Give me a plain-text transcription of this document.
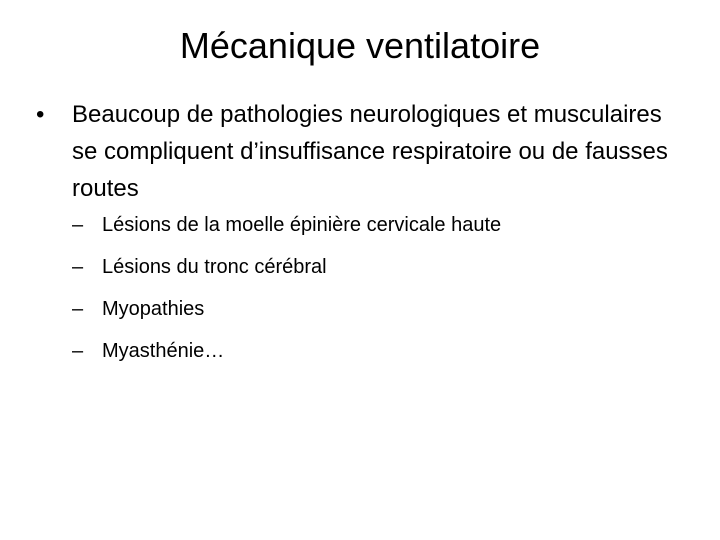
Mécanique ventilatoire
•	Beaucoup de pathologies neurologiques et musculaires se compliquent d’insuffisance respiratoire ou de fausses routes
– Lésions de la moelle épinière cervicale haute
– Lésions du tronc cérébral
– Myopathies
– Myasthénie…
